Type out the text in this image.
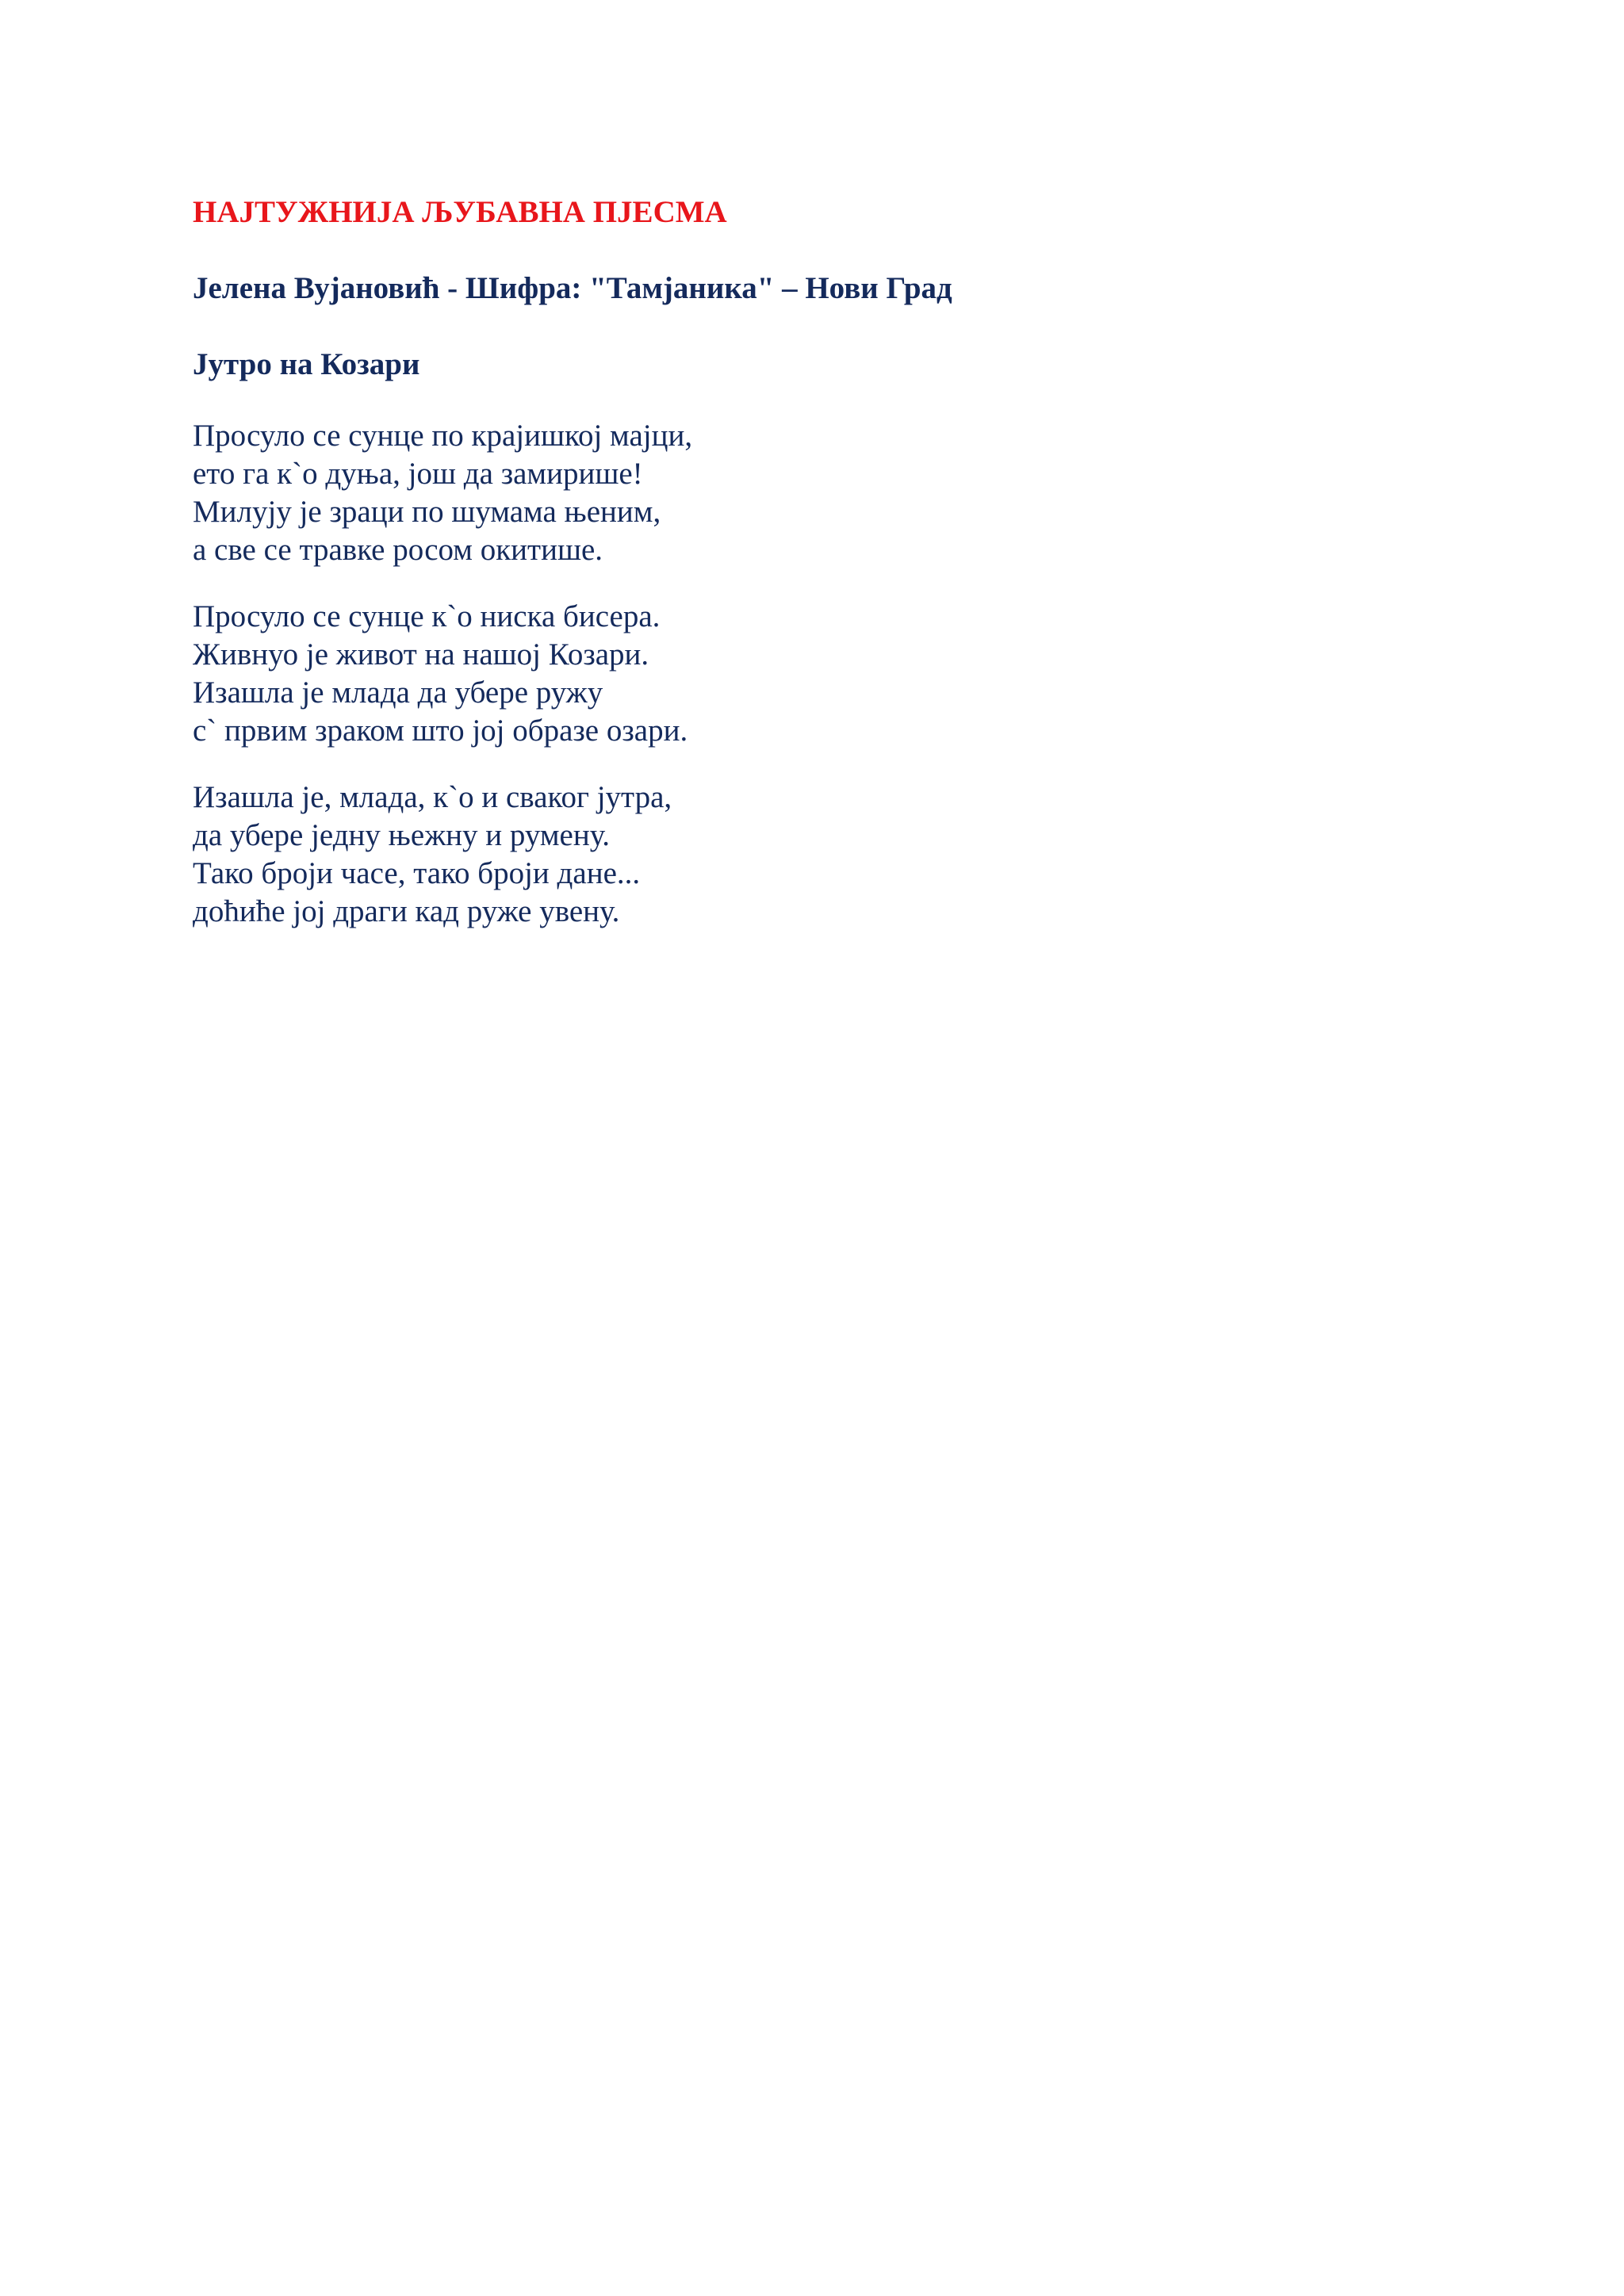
НАЈТУЖНИЈА ЉУБАВНА ПЈЕСМА

Јелена Вујановић - Шифра: "Тамјаника" – Нови Град

Јутро на Козари

Просуло се сунце по крајишкој мајци,
ето га к`о дуња, још да замирише!
Милују је зраци по шумама њеним,
а све се травке росом окитише.
Просуло се сунце к`о ниска бисера.
Живнуо је живот на нашој Козари.
Изашла је млада да убере ружу
с` првим зраком што јој образе озари.
Изашла је, млада, к`о и сваког јутра,
да убере једну њежну и румену.
Тако броји часе, тако броји дане...
доћиће јој драги кад руже увену.
